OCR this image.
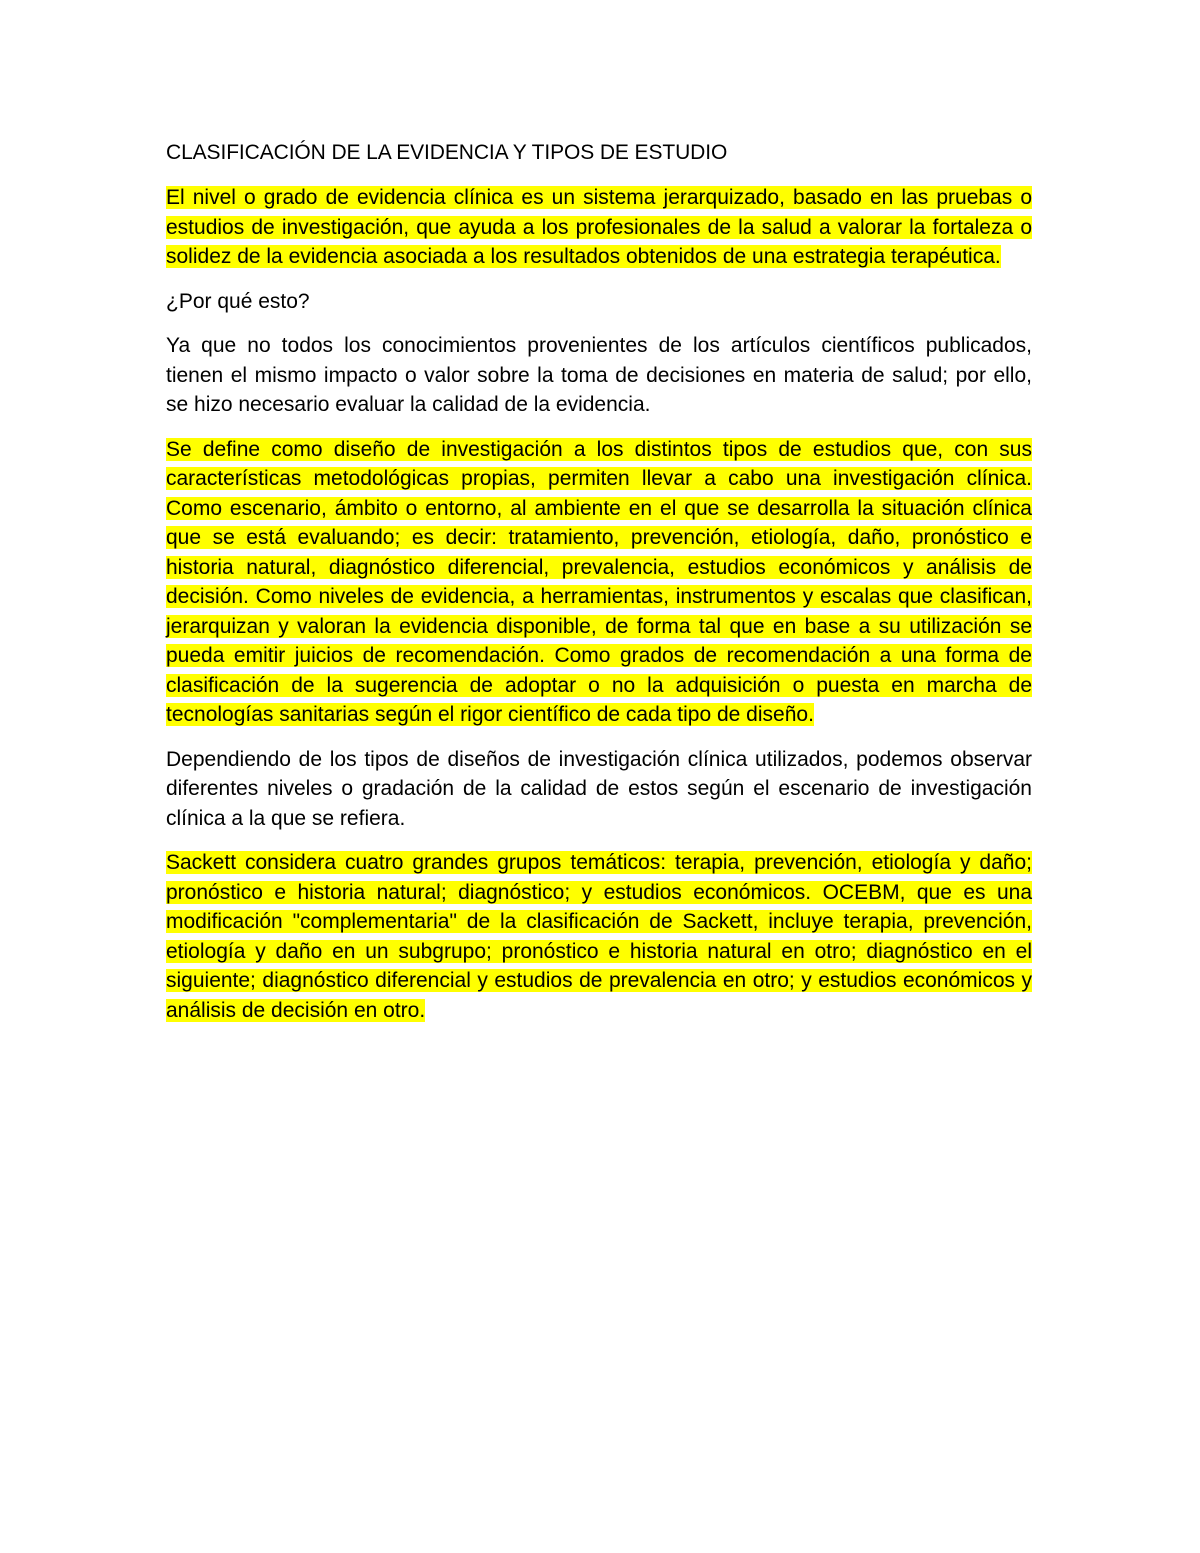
CLASIFICACIÓN DE LA EVIDENCIA Y TIPOS DE ESTUDIO

El nivel o grado de evidencia clínica es un sistema jerarquizado, basado en las pruebas o estudios de investigación, que ayuda a los profesionales de la salud a valorar la fortaleza o solidez de la evidencia asociada a los resultados obtenidos de una estrategia terapéutica.

¿Por qué esto?

Ya que no todos los conocimientos provenientes de los artículos científicos publicados, tienen el mismo impacto o valor sobre la toma de decisiones en materia de salud; por ello, se hizo necesario evaluar la calidad de la evidencia.

Se define como diseño de investigación a los distintos tipos de estudios que, con sus características metodológicas propias, permiten llevar a cabo una investigación clínica. Como escenario, ámbito o entorno, al ambiente en el que se desarrolla la situación clínica que se está evaluando; es decir: tratamiento, prevención, etiología, daño, pronóstico e historia natural, diagnóstico diferencial, prevalencia, estudios económicos y análisis de decisión. Como niveles de evidencia, a herramientas, instrumentos y escalas que clasifican, jerarquizan y valoran la evidencia disponible, de forma tal que en base a su utilización se pueda emitir juicios de recomendación. Como grados de recomendación a una forma de clasificación de la sugerencia de adoptar o no la adquisición o puesta en marcha de tecnologías sanitarias según el rigor científico de cada tipo de diseño.

Dependiendo de los tipos de diseños de investigación clínica utilizados, podemos observar diferentes niveles o gradación de la calidad de estos según el escenario de investigación clínica a la que se refiera.

Sackett considera cuatro grandes grupos temáticos: terapia, prevención, etiología y daño; pronóstico e historia natural; diagnóstico; y estudios económicos. OCEBM, que es una modificación "complementaria" de la clasificación de Sackett, incluye terapia, prevención, etiología y daño en un subgrupo; pronóstico e historia natural en otro; diagnóstico en el siguiente; diagnóstico diferencial y estudios de prevalencia en otro; y estudios económicos y análisis de decisión en otro.
